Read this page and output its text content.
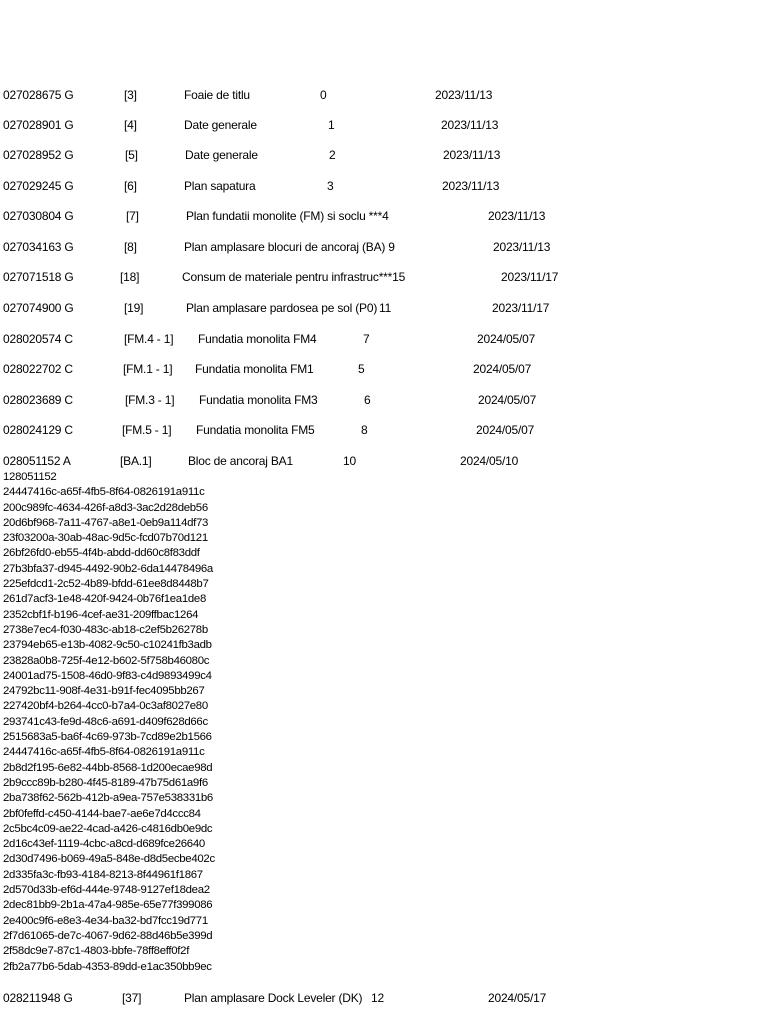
027028675 G	[3]	Foaie de titlu	0	2023/11/13
027028901 G	[4]	Date generale	1	2023/11/13
027028952 G	[5]	Date generale	2	2023/11/13
027029245 G	[6]	Plan sapatura	3	2023/11/13
027030804 G	[7]	Plan fundatii monolite (FM) si soclu ***4	2023/11/13
027034163 G	[8]	Plan amplasare blocuri de ancoraj (BA) 9	2023/11/13
027071518 G	[18]	Consum de materiale pentru infrastruc***15	2023/11/17
027074900 G	[19]	Plan amplasare pardosea pe sol (P0) 11	2023/11/17
028020574 C	[FM.4 - 1] Fundatia monolita FM4	7	2024/05/07
028022702 C	[FM.1 - 1] Fundatia monolita FM1	5	2024/05/07
028023689 C	[FM.3 - 1] Fundatia monolita FM3	6	2024/05/07
028024129 C	[FM.5 - 1] Fundatia monolita FM5	8	2024/05/07
028051152 A	[BA.1]	Bloc de ancoraj BA1	10	2024/05/10
128051152
24447416c-a65f-4fb5-8f64-0826191a911c
200c989fc-4634-426f-a8d3-3ac2d28deb56
20d6bf968-7a11-4767-a8e1-0eb9a114df73
23f03200a-30ab-48ac-9d5c-fcd07b70d121
26bf26fd0-eb55-4f4b-abdd-dd60c8f83ddf
27b3bfa37-d945-4492-90b2-6da14478496a
225efdcd1-2c52-4b89-bfdd-61ee8d8448b7
261d7acf3-1e48-420f-9424-0b76f1ea1de8
2352cbf1f-b196-4cef-ae31-209ffbac1264
2738e7ec4-f030-483c-ab18-c2ef5b26278b
23794eb65-e13b-4082-9c50-c10241fb3adb
23828a0b8-725f-4e12-b602-5f758b46080c
24001ad75-1508-46d0-9f83-c4d9893499c4
24792bc11-908f-4e31-b91f-fec4095bb267
227420bf4-b264-4cc0-b7a4-0c3af8027e80
293741c43-fe9d-48c6-a691-d409f628d66c
2515683a5-ba6f-4c69-973b-7cd89e2b1566
24447416c-a65f-4fb5-8f64-0826191a911c
2b8d2f195-6e82-44bb-8568-1d200ecae98d
2b9ccc89b-b280-4f45-8189-47b75d61a9f6
2ba738f62-562b-412b-a9ea-757e538331b6
2bf0feffd-c450-4144-bae7-ae6e7d4ccc84
2c5bc4c09-ae22-4cad-a426-c4816db0e9dc
2d16c43ef-1119-4cbc-a8cd-d689fce26640
2d30d7496-b069-49a5-848e-d8d5ecbe402c
2d335fa3c-fb93-4184-8213-8f44961f1867
2d570d33b-ef6d-444e-9748-9127ef18dea2
2dec81bb9-2b1a-47a4-985e-65e77f399086
2e400c9f6-e8e3-4e34-ba32-bd7fcc19d771
2f7d61065-de7c-4067-9d62-88d46b5e399d
2f58dc9e7-87c1-4803-bbfe-78ff8eff0f2f
2fb2a77b6-5dab-4353-89dd-e1ac350bb9ec
028211948 G	[37]	Plan amplasare Dock Leveler (DK) 12	2024/05/17
